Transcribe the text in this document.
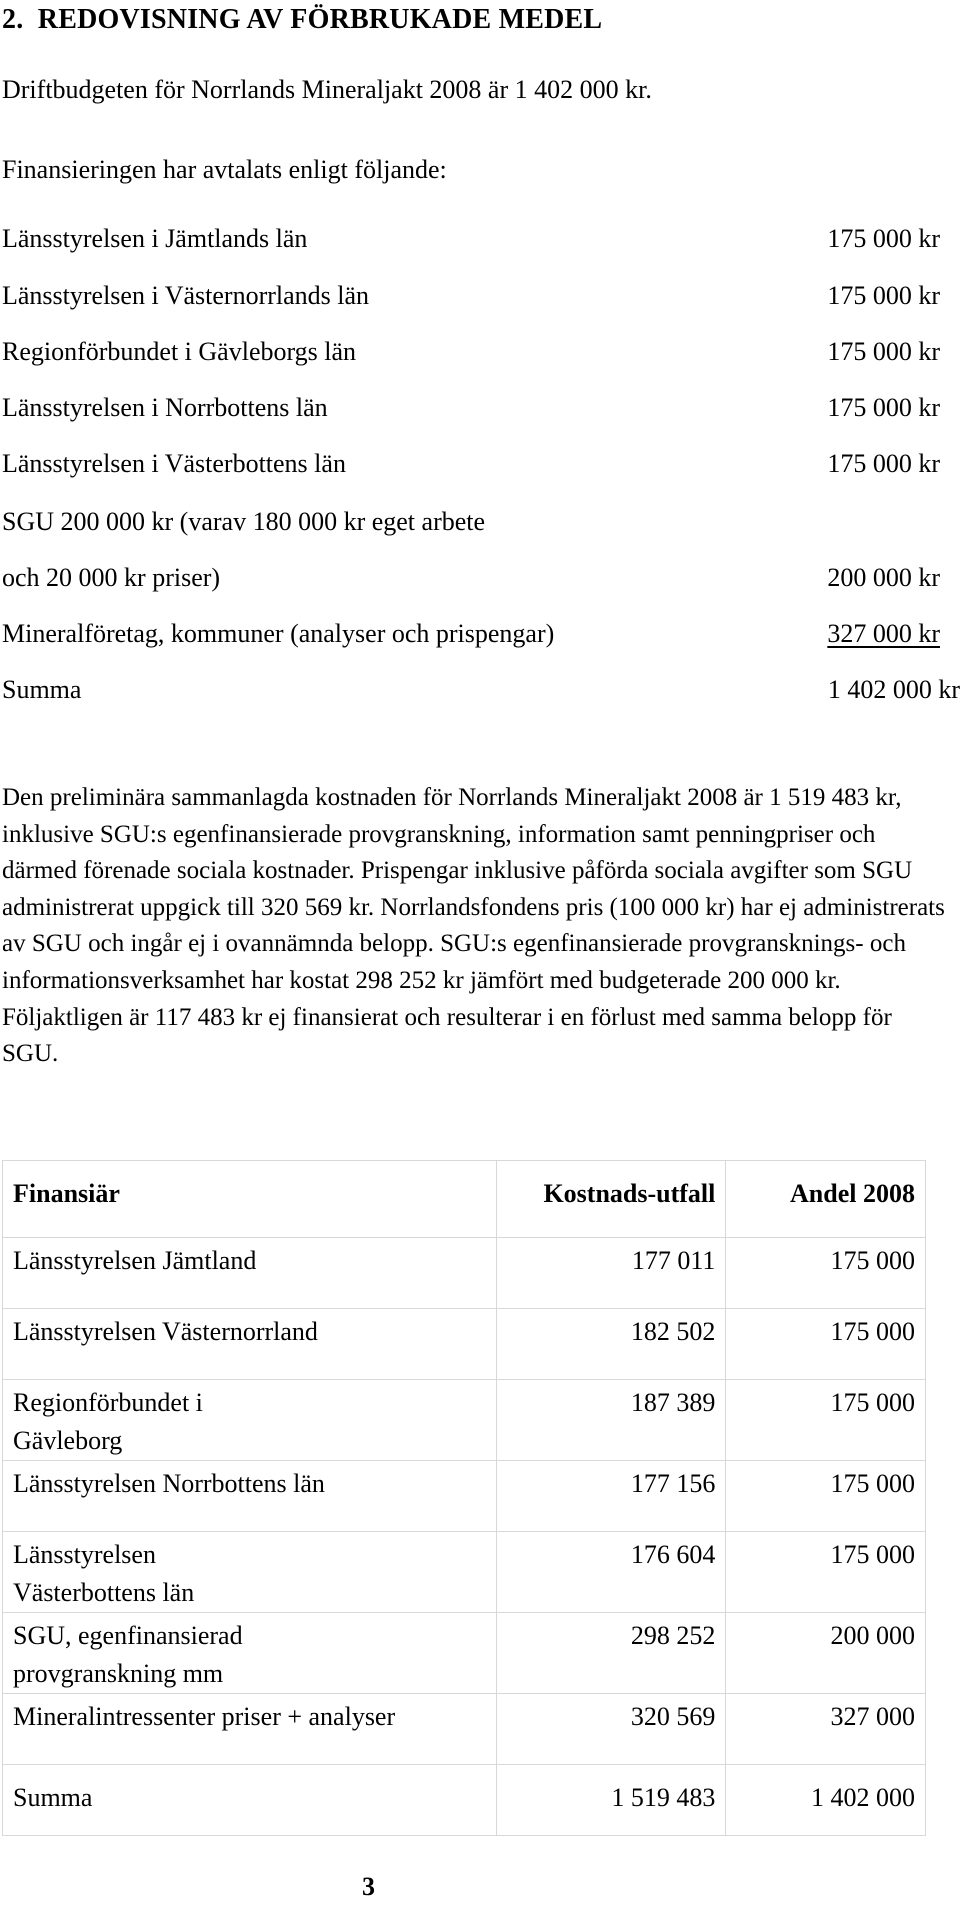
2.  REDOVISNING AV FÖRBRUKADE MEDEL
Driftbudgeten för Norrlands Mineraljakt 2008 är 1 402 000 kr.
Finansieringen har avtalats enligt följande:
Länsstyrelsen i Jämtlands län	175 000 kr
Länsstyrelsen i Västernorrlands län	175 000 kr
Regionförbundet i Gävleborgs län	175 000 kr
Länsstyrelsen i Norrbottens län	175 000 kr
Länsstyrelsen i Västerbottens län	175 000 kr
SGU 200 000 kr (varav 180 000 kr eget arbete
och 20 000 kr priser)	200 000 kr
Mineralföretag, kommuner (analyser och prispengar)	327 000 kr
Summa	1 402 000 kr
Den preliminära sammanlagda kostnaden för Norrlands Mineraljakt 2008 är 1 519 483 kr, inklusive SGU:s egenfinansierade provgranskning, information samt penningpriser och därmed förenade sociala kostnader. Prispengar inklusive påförda sociala avgifter som SGU administrerat uppgick till 320 569 kr. Norrlandsfondens pris (100 000 kr) har ej administrerats av SGU och ingår ej i ovannämnda belopp. SGU:s egenfinansierade provgransknings- och informationsverksamhet har kostat 298 252 kr jämfört med budgeterade 200 000 kr. Följaktligen är 117 483 kr ej finansierat och resulterar i en förlust med samma belopp för SGU.
Finansiär	Kostnads-utfall	Andel 2008
Länsstyrelsen Jämtland	177 011	175 000
Länsstyrelsen Västernorrland	182 502	175 000
Regionförbundet i Gävleborg	187 389	175 000
Länsstyrelsen Norrbottens län	177 156	175 000
Länsstyrelsen Västerbottens län	176 604	175 000
SGU, egenfinansierad provgranskning mm	298 252	200 000
Mineralintressenter priser + analyser	320 569	327 000
Summa	1 519 483	1 402 000
3
